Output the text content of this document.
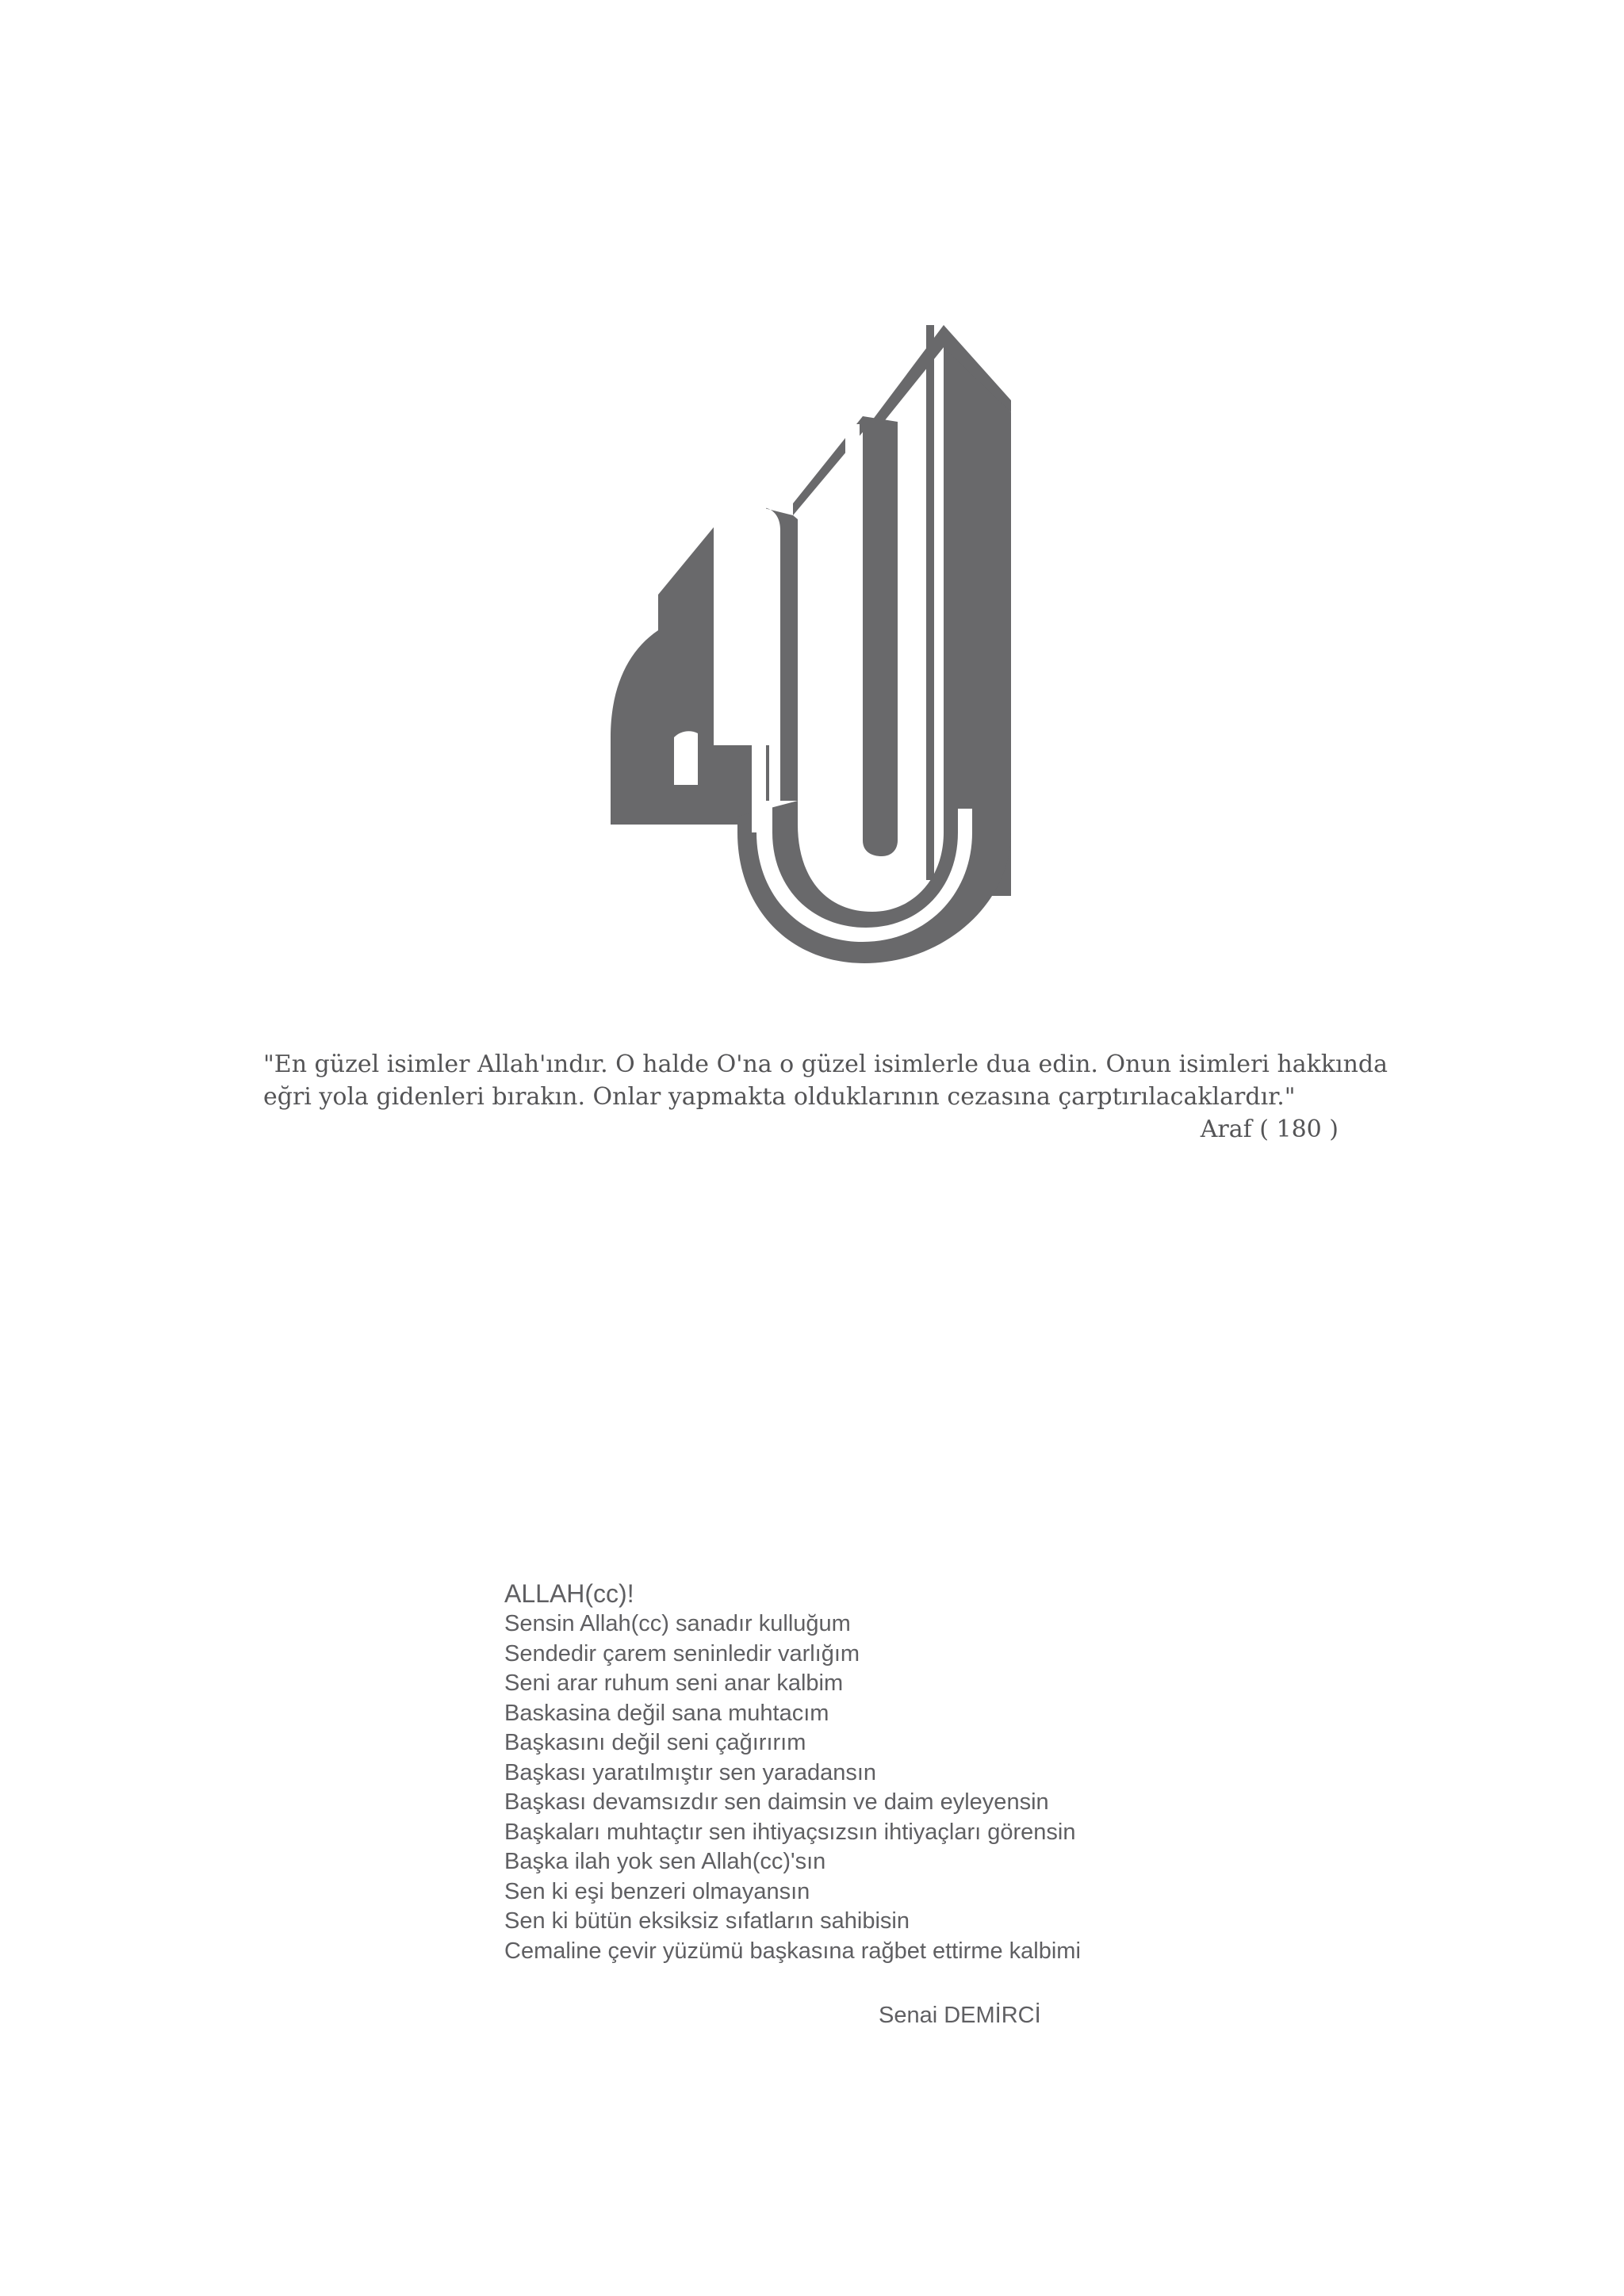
"En güzel isimler Allah'ındır. O halde O'na o güzel isimlerle dua edin. Onun isimleri hakkında
eğri yola gidenleri bırakın. Onlar yapmakta olduklarının cezasına çarptırılacaklardır."
Araf ( 180 )
ALLAH(cc)!
Sensin Allah(cc) sanadır kulluğum
Sendedir çarem seninledir varlığım
Seni arar ruhum seni anar kalbim
Baskasina değil sana muhtacım
Başkasını değil seni çağırırım
Başkası yaratılmıştır sen yaradansın
Başkası devamsızdır sen daimsin ve daim eyleyensin
Başkaları muhtaçtır sen ihtiyaçsızsın ihtiyaçları görensin
Başka ilah yok sen Allah(cc)'sın
Sen ki eşi benzeri olmayansın
Sen ki bütün eksiksiz sıfatların sahibisin
Cemaline çevir yüzümü başkasına rağbet ettirme kalbimi
Senai DEMİRCİ
